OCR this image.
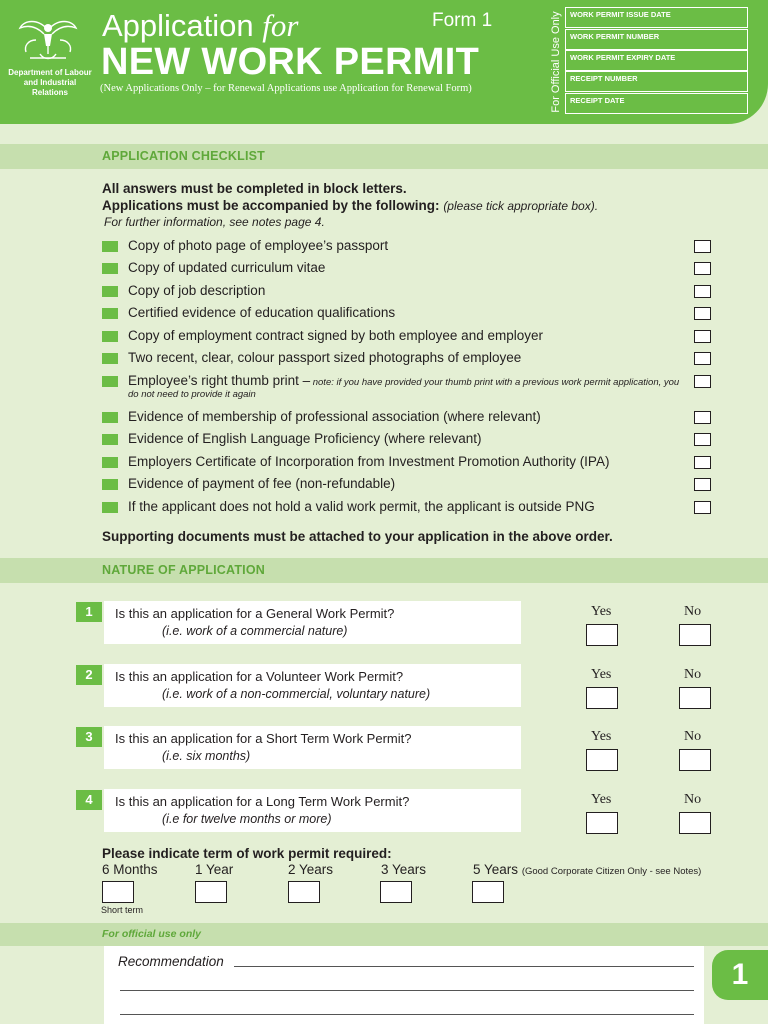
Department of Labour and Industrial Relations
Application for
NEW WORK PERMIT
(New Applications Only – for Renewal Applications use Application for Renewal Form)
Form 1	For Official Use Only	WORK PERMIT ISSUE DATE
WORK PERMIT NUMBER
WORK PERMIT EXPIRY DATE
RECEIPT NUMBER
RECEIPT DATE
APPLICATION CHECKLIST
All answers must be completed in block letters.
Applications must be accompanied by the following: (please tick appropriate box).
For further information, see notes page 4.
Copy of photo page of employee’s passport
Copy of updated curriculum vitae
Copy of job description
Certified evidence of education qualifications
Copy of employment contract signed by both employee and employer
Two recent, clear, colour passport sized photographs of employee
Employee’s right thumb print – note: if you have provided your thumb print with a previous work permit application, you do not need to provide it again
Evidence of membership of professional association (where relevant)
Evidence of English Language Proficiency (where relevant)
Employers Certificate of Incorporation from Investment Promotion Authority (IPA)
Evidence of payment of fee (non-refundable)
If the applicant does not hold a valid work permit, the applicant is outside PNG
Supporting documents must be attached to your application in the above order.
NATURE OF APPLICATION
1	Is this an application for a General Work Permit?
(i.e. work of a commercial nature)
Yes	No
2	Is this an application for a Volunteer Work Permit?
(i.e. work of a non-commercial, voluntary nature)
Yes	No
3	Is this an application for a Short Term Work Permit?
(i.e. six months)
Yes	No
4	Is this an application for a Long Term Work Permit?
(i.e for twelve months or more)
Yes	No
Please indicate term of work permit required:
6 Months	1 Year	2 Years	3 Years	5 Years (Good Corporate Citizen Only - see Notes)
Short term
For official use only
Recommendation	1
